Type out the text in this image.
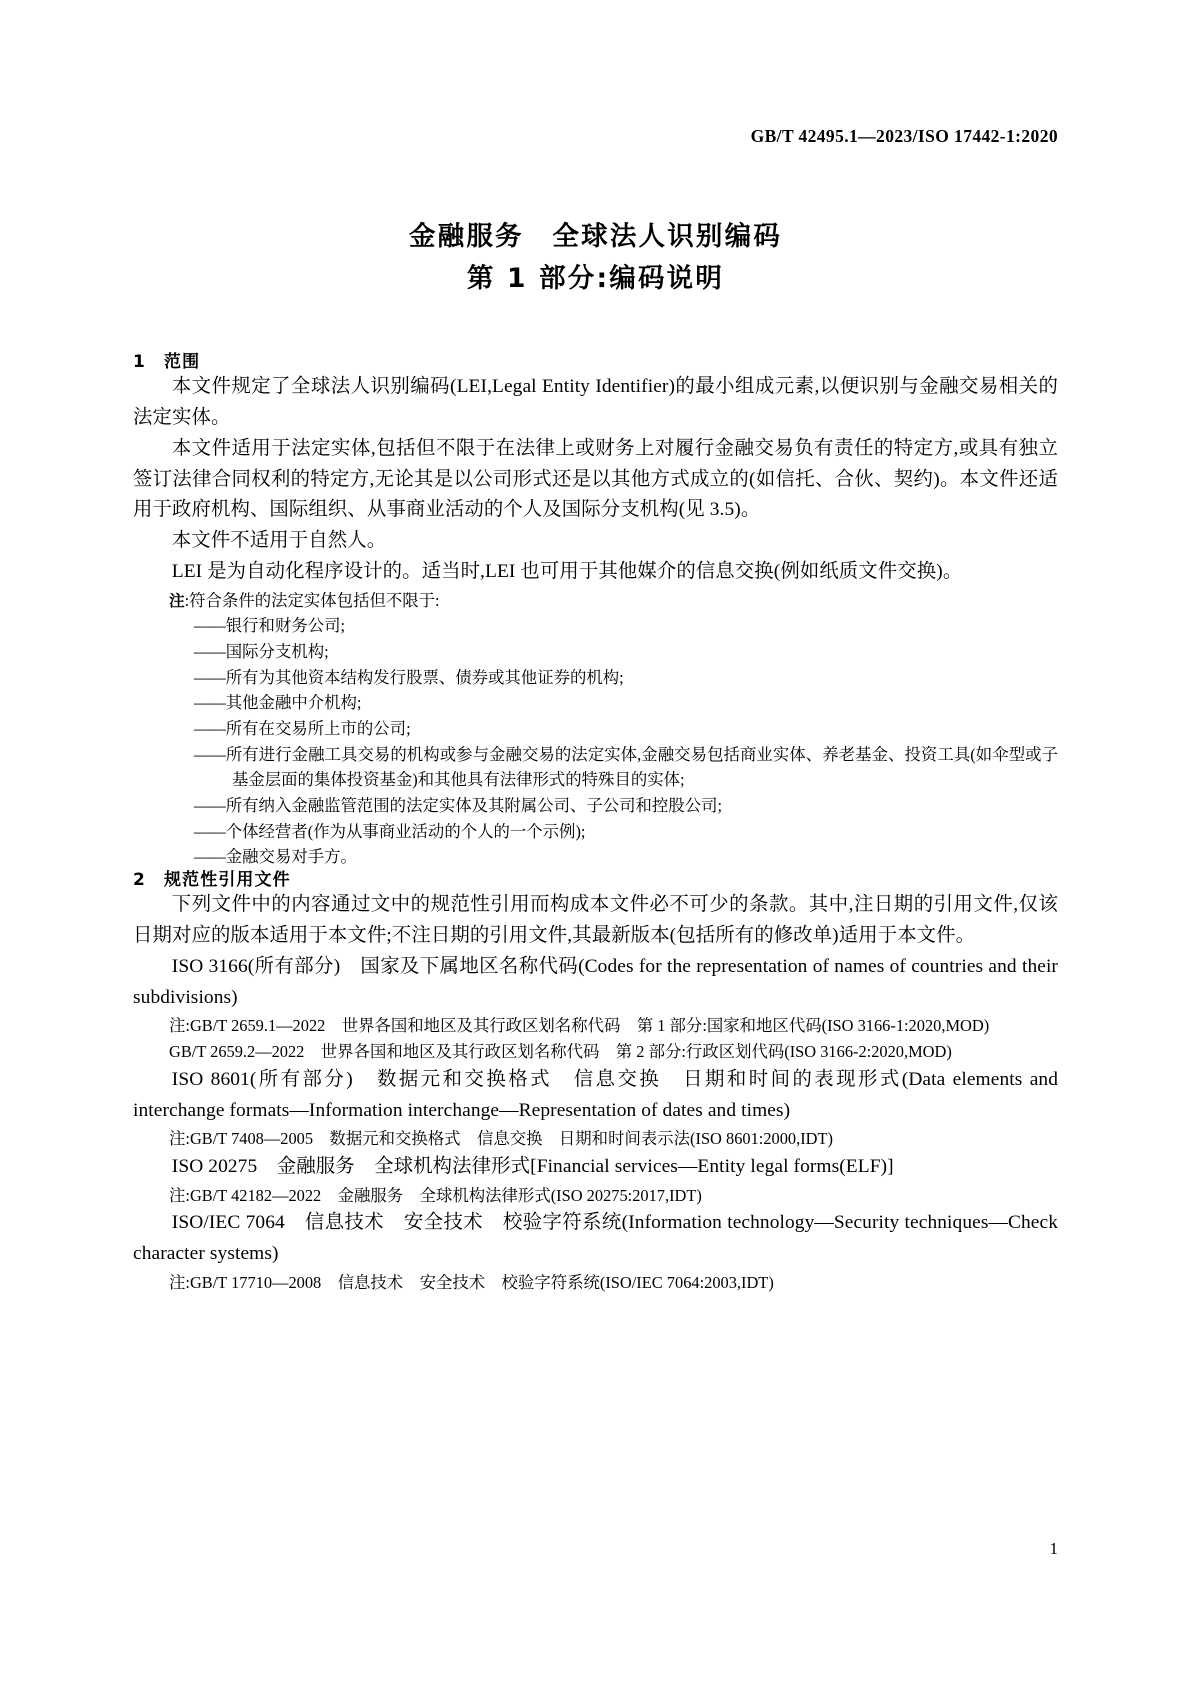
GB/T 42495.1—2023/ISO 17442-1:2020
金融服务　全球法人识别编码
第 1 部分:编码说明
1　范围

本文件规定了全球法人识别编码(LEI,Legal Entity Identifier)的最小组成元素,以便识别与金融交易相关的法定实体。

本文件适用于法定实体,包括但不限于在法律上或财务上对履行金融交易负有责任的特定方,或具有独立签订法律合同权利的特定方,无论其是以公司形式还是以其他方式成立的(如信托、合伙、契约)。本文件还适用于政府机构、国际组织、从事商业活动的个人及国际分支机构(见 3.5)。

本文件不适用于自然人。

LEI 是为自动化程序设计的。适当时,LEI 也可用于其他媒介的信息交换(例如纸质文件交换)。

注:符合条件的法定实体包括但不限于:

——银行和财务公司;
——国际分支机构;
——所有为其他资本结构发行股票、债券或其他证券的机构;
——其他金融中介机构;
——所有在交易所上市的公司;
——所有进行金融工具交易的机构或参与金融交易的法定实体,金融交易包括商业实体、养老基金、投资工具(如伞型或子基金层面的集体投资基金)和其他具有法律形式的特殊目的实体;
——所有纳入金融监管范围的法定实体及其附属公司、子公司和控股公司;
——个体经营者(作为从事商业活动的个人的一个示例);
——金融交易对手方。
2　规范性引用文件

下列文件中的内容通过文中的规范性引用而构成本文件必不可少的条款。其中,注日期的引用文件,仅该日期对应的版本适用于本文件;不注日期的引用文件,其最新版本(包括所有的修改单)适用于本文件。

ISO 3166(所有部分)　国家及下属地区名称代码(Codes for the representation of names of countries and their subdivisions)

注:GB/T 2659.1—2022　世界各国和地区及其行政区划名称代码　第 1 部分:国家和地区代码(ISO 3166-1:2020,MOD)

GB/T 2659.2—2022　世界各国和地区及其行政区划名称代码　第 2 部分:行政区划代码(ISO 3166-2:2020,MOD)

ISO 8601(所有部分)　数据元和交换格式　信息交换　日期和时间的表现形式(Data elements and interchange formats—Information interchange—Representation of dates and times)

注:GB/T 7408—2005　数据元和交换格式　信息交换　日期和时间表示法(ISO 8601:2000,IDT)

ISO 20275　金融服务　全球机构法律形式[Financial services—Entity legal forms(ELF)]

注:GB/T 42182—2022　金融服务　全球机构法律形式(ISO 20275:2017,IDT)

ISO/IEC 7064　信息技术　安全技术　校验字符系统(Information technology—Security techniques—Check character systems)

注:GB/T 17710—2008　信息技术　安全技术　校验字符系统(ISO/IEC 7064:2003,IDT)

1
